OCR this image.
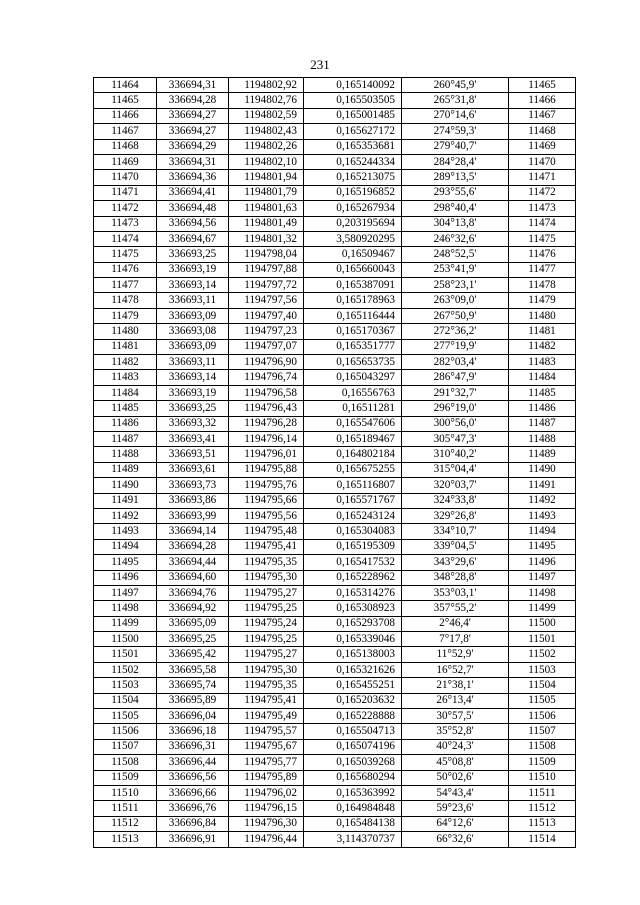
231
11464	336694,31	1194802,92	0,165140092	260°45,9'	11465
11465	336694,28	1194802,76	0,165503505	265°31,8'	11466
11466	336694,27	1194802,59	0,165001485	270°14,6'	11467
11467	336694,27	1194802,43	0,165627172	274°59,3'	11468
11468	336694,29	1194802,26	0,165353681	279°40,7'	11469
11469	336694,31	1194802,10	0,165244334	284°28,4'	11470
11470	336694,36	1194801,94	0,165213075	289°13,5'	11471
11471	336694,41	1194801,79	0,165196852	293°55,6'	11472
11472	336694,48	1194801,63	0,165267934	298°40,4'	11473
11473	336694,56	1194801,49	0,203195694	304°13,8'	11474
11474	336694,67	1194801,32	3,580920295	246°32,6'	11475
11475	336693,25	1194798,04	0,16509467	248°52,5'	11476
11476	336693,19	1194797,88	0,165660043	253°41,9'	11477
11477	336693,14	1194797,72	0,165387091	258°23,1'	11478
11478	336693,11	1194797,56	0,165178963	263°09,0'	11479
11479	336693,09	1194797,40	0,165116444	267°50,9'	11480
11480	336693,08	1194797,23	0,165170367	272°36,2'	11481
11481	336693,09	1194797,07	0,165351777	277°19,9'	11482
11482	336693,11	1194796,90	0,165653735	282°03,4'	11483
11483	336693,14	1194796,74	0,165043297	286°47,9'	11484
11484	336693,19	1194796,58	0,16556763	291°32,7'	11485
11485	336693,25	1194796,43	0,16511281	296°19,0'	11486
11486	336693,32	1194796,28	0,165547606	300°56,0'	11487
11487	336693,41	1194796,14	0,165189467	305°47,3'	11488
11488	336693,51	1194796,01	0,164802184	310°40,2'	11489
11489	336693,61	1194795,88	0,165675255	315°04,4'	11490
11490	336693,73	1194795,76	0,165116807	320°03,7'	11491
11491	336693,86	1194795,66	0,165571767	324°33,8'	11492
11492	336693,99	1194795,56	0,165243124	329°26,8'	11493
11493	336694,14	1194795,48	0,165304083	334°10,7'	11494
11494	336694,28	1194795,41	0,165195309	339°04,5'	11495
11495	336694,44	1194795,35	0,165417532	343°29,6'	11496
11496	336694,60	1194795,30	0,165228962	348°28,8'	11497
11497	336694,76	1194795,27	0,165314276	353°03,1'	11498
11498	336694,92	1194795,25	0,165308923	357°55,2'	11499
11499	336695,09	1194795,24	0,165293708	2°46,4'	11500
11500	336695,25	1194795,25	0,165339046	7°17,8'	11501
11501	336695,42	1194795,27	0,165138003	11°52,9'	11502
11502	336695,58	1194795,30	0,165321626	16°52,7'	11503
11503	336695,74	1194795,35	0,165455251	21°38,1'	11504
11504	336695,89	1194795,41	0,165203632	26°13,4'	11505
11505	336696,04	1194795,49	0,165228888	30°57,5'	11506
11506	336696,18	1194795,57	0,165504713	35°52,8'	11507
11507	336696,31	1194795,67	0,165074196	40°24,3'	11508
11508	336696,44	1194795,77	0,165039268	45°08,8'	11509
11509	336696,56	1194795,89	0,165680294	50°02,6'	11510
11510	336696,66	1194796,02	0,165363992	54°43,4'	11511
11511	336696,76	1194796,15	0,164984848	59°23,6'	11512
11512	336696,84	1194796,30	0,165484138	64°12,6'	11513
11513	336696,91	1194796,44	3,114370737	66°32,6'	11514
